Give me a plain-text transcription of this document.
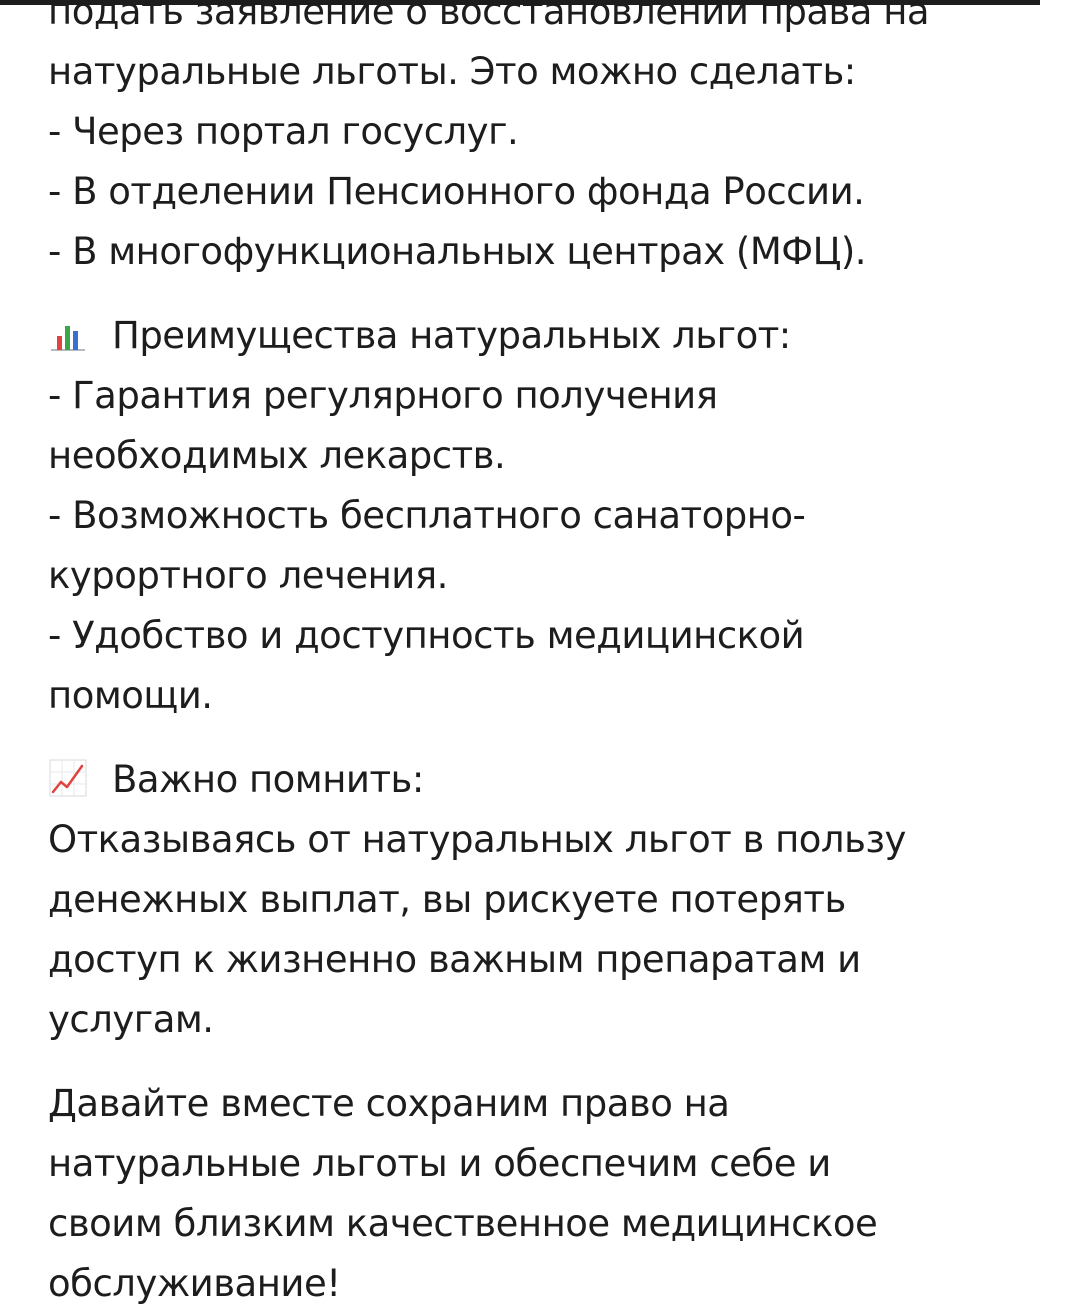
подать заявление о восстановлении права на
натуральные льготы. Это можно сделать:
- Через портал госуслуг.
- В отделении Пенсионного фонда России.
- В многофункциональных центрах (МФЦ).
Преимущества натуральных льгот:
- Гарантия регулярного получения
необходимых лекарств.
- Возможность бесплатного санаторно-
курортного лечения.
- Удобство и доступность медицинской
помощи.
Важно помнить:
Отказываясь от натуральных льгот в пользу
денежных выплат, вы рискуете потерять
доступ к жизненно важным препаратам и
услугам.
Давайте вместе сохраним право на
натуральные льготы и обеспечим себе и
своим близким качественное медицинское
обслуживание!
